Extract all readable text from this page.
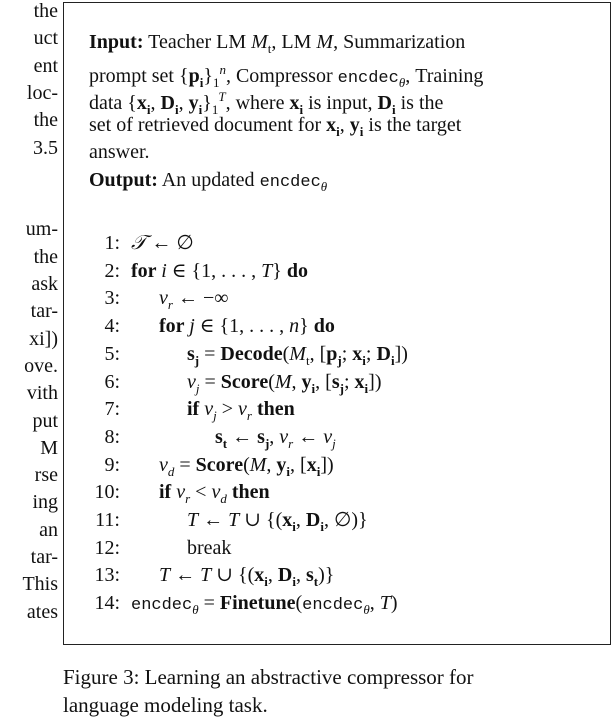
the
uct
ent
loc-
the
3.5
um-
the
ask
tar-
xi])
ove.
vith
put
M
rse
ing
an
tar-
This
ates
Input: Teacher LM $M_t$, LM M, Summarization
prompt set $\{p_i\}_1^n$, Compressor encdec$_\theta$, Training
data {$x_i$, $D_i$, $y_i\}_1^T$, where $x_i$ is input, $D_i$ is the
set of retrieved document for $x_i$, $y_i$ is the target
answer.
Output: An updated encdec$_\theta$
1: 𝒯 ← ∅
2: for i ∈ {1, . . . , T} do
3: $v_r$ ← −∞
4: for j ∈ {1, . . . , n} do
5:	$s_j$ = $Decode(M_t$, [$p_j$; $x_i$; $D_i$])
6:	$v_j$ = Score(M, $y_i$, [$s_j$; $x_i$])
7:	if $v_j > v_r$ then
8:	$s_t$ ← $s_j$, $v_r$ ← $v_j$
9: $v_d$ = Score(M, $y_i$, $[x_i]$)
10: if $v_r < v_d$ then
11:	T ← T ∪ {($x_i$, $D_i$, ∅)}
12:	break
13: T ← T ∪ {($x_i$, $D_i$, $s_t$)}
14: encdec$_\theta$ = Finetune(encdec$_\theta$, T)
Figure 3: Learning an abstractive compressor for
language modeling task.
